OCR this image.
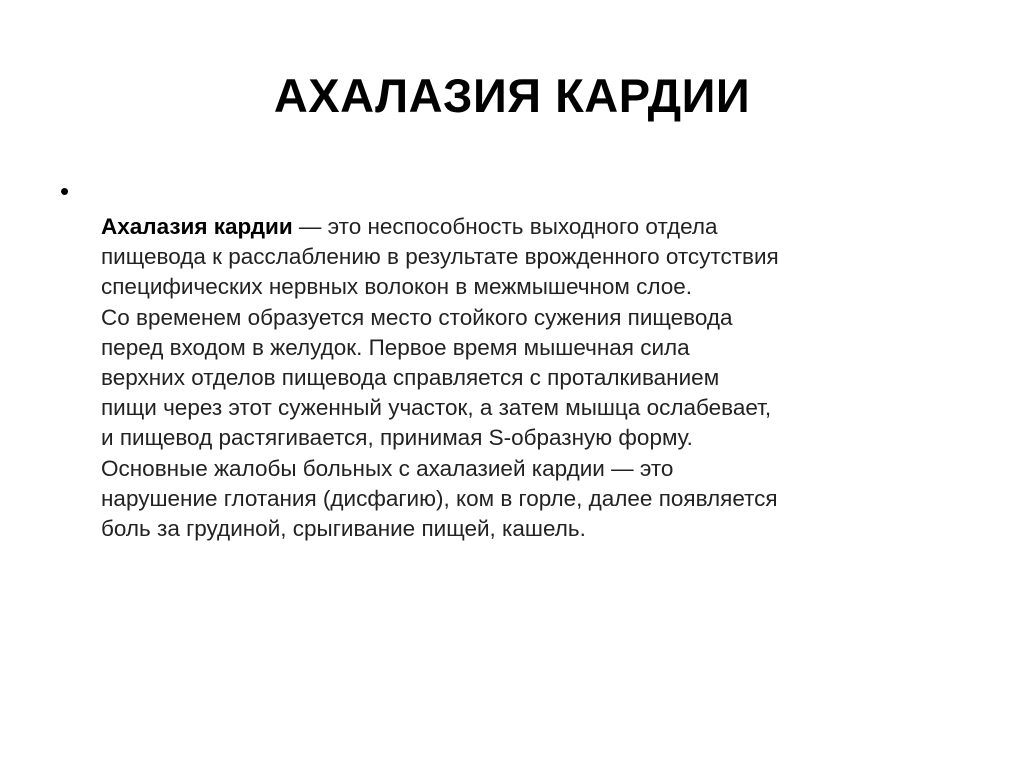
АХАЛАЗИЯ КАРДИИ
•
Ахалазия кардии — это неспособность выходного отдела
пищевода к расслаблению в результате врожденного отсутствия
специфических нервных волокон в межмышечном слое.
Со временем образуется место стойкого сужения пищевода
перед входом в желудок. Первое время мышечная сила
верхних отделов пищевода справляется с проталкиванием
пищи через этот суженный участок, а затем мышца ослабевает,
и пищевод растягивается, принимая S-образную форму.
Основные жалобы больных с ахалазией кардии — это
нарушение глотания (дисфагию), ком в горле, далее появляется
боль за грудиной, срыгивание пищей, кашель.
